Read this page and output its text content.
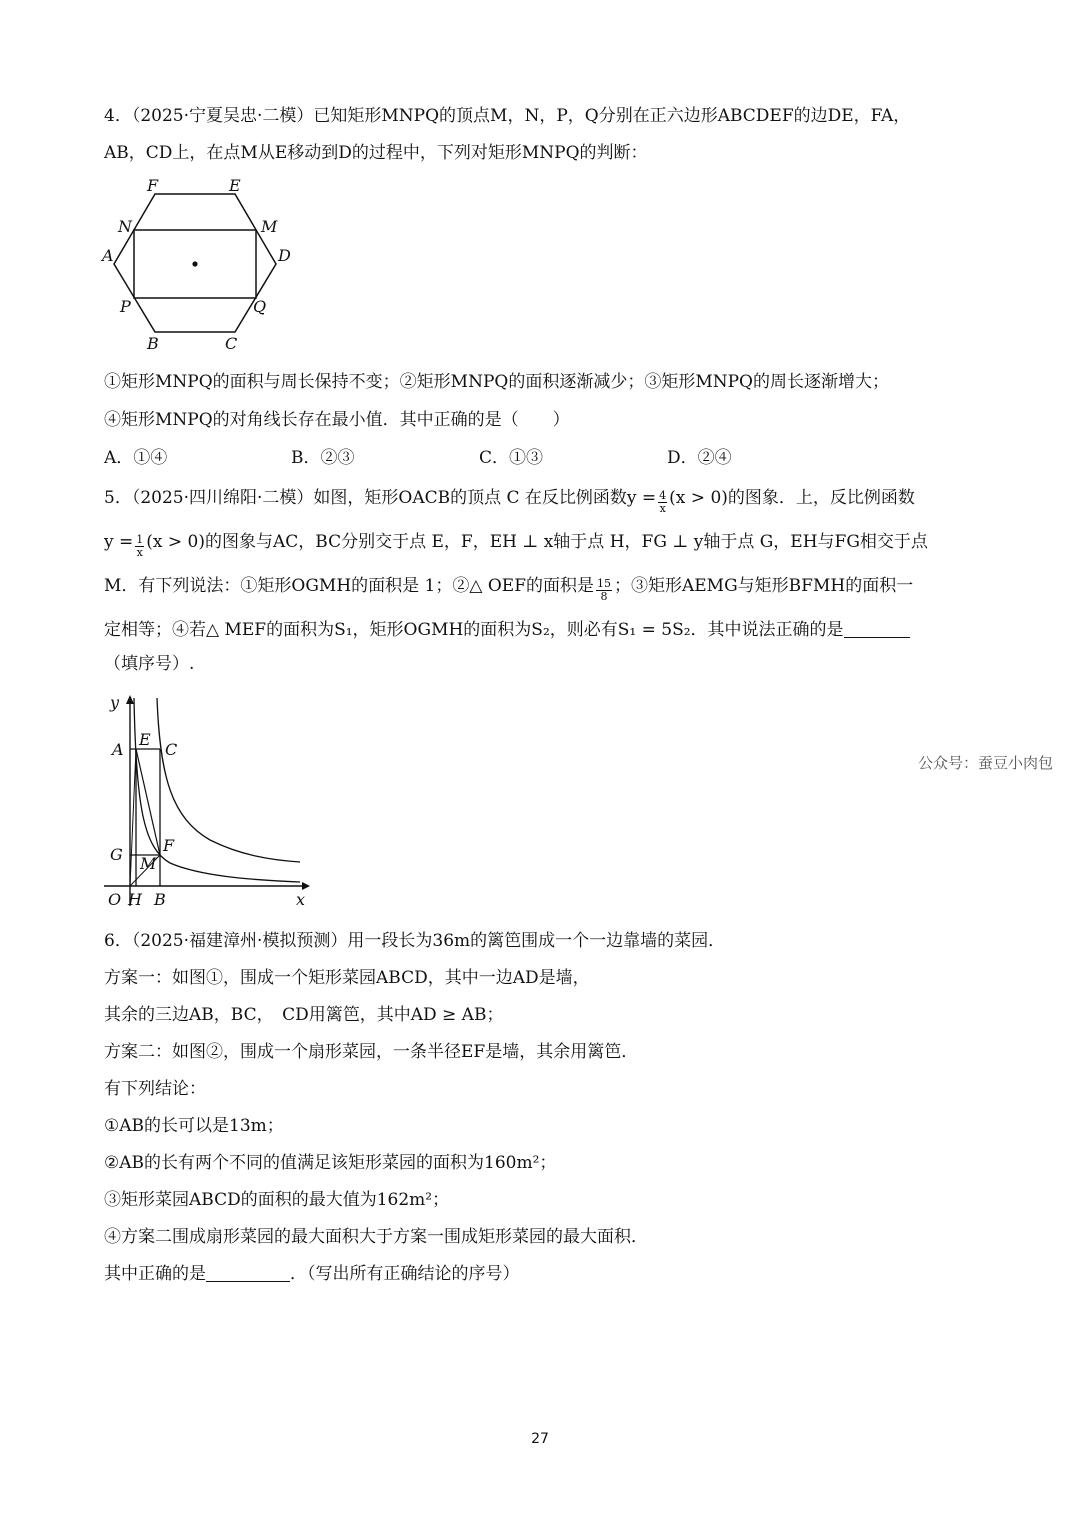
4．（2025·宁夏吴忠·二模）已知矩形MNPQ的顶点M，N，P，Q分别在正六边形ABCDEF的边DE，FA，
AB，CD上，在点M从E移动到D的过程中，下列对矩形MNPQ的判断：
F	E
N	M
A	D
P	Q
B	C
①矩形MNPQ的面积与周长保持不变；②矩形MNPQ的面积逐渐减少；③矩形MNPQ的周长逐渐增大；
④矩形MNPQ的对角线长存在最小值．其中正确的是（　　）
A．①④	B．②③	C．①③	D．②④
5．（2025·四川绵阳·二模）如图，矩形OACB的顶点 C 在反比例函数$y = \frac{4}{x} (x > 0)$的图象．上，反比例函数
$y = \frac{1}{x} (x > 0)$的图象与AC，BC分别交于点 E，F，EH ⊥ x轴于点 H，FG ⊥ y轴于点 G，EH与FG相交于点
M．有下列说法：①矩形OGMH的面积是 1；②△ OEF的面积是 $\frac{15}{8}$ ；③矩形AEMG与矩形BFMH的面积一
定相等；④若△ MEF的面积为S₁，矩形OGMH的面积为S₂，则必有S₁ = 5S₂．其中说法正确的是
（填序号）.
y
A
E
C
G M
F
O H B	x
公众号：蚕豆小肉包
6．（2025·福建漳州·模拟预测）用一段长为36m的篱笆围成一个一边靠墙的菜园．
方案一：如图①，围成一个矩形菜园ABCD，其中一边AD是墙，
其余的三边AB，BC，　CD用篱笆，其中AD ≥ AB；
方案二：如图②，围成一个扇形菜园，一条半径EF是墙，其余用篱笆．
有下列结论：
①AB的长可以是13m；
②AB的长有两个不同的值满足该矩形菜园的面积为160m²；
③矩形菜园ABCD的面积的最大值为162m²；
④方案二围成扇形菜园的最大面积大于方案一围成矩形菜园的最大面积．
其中正确的是	．（写出所有正确结论的序号）
27
